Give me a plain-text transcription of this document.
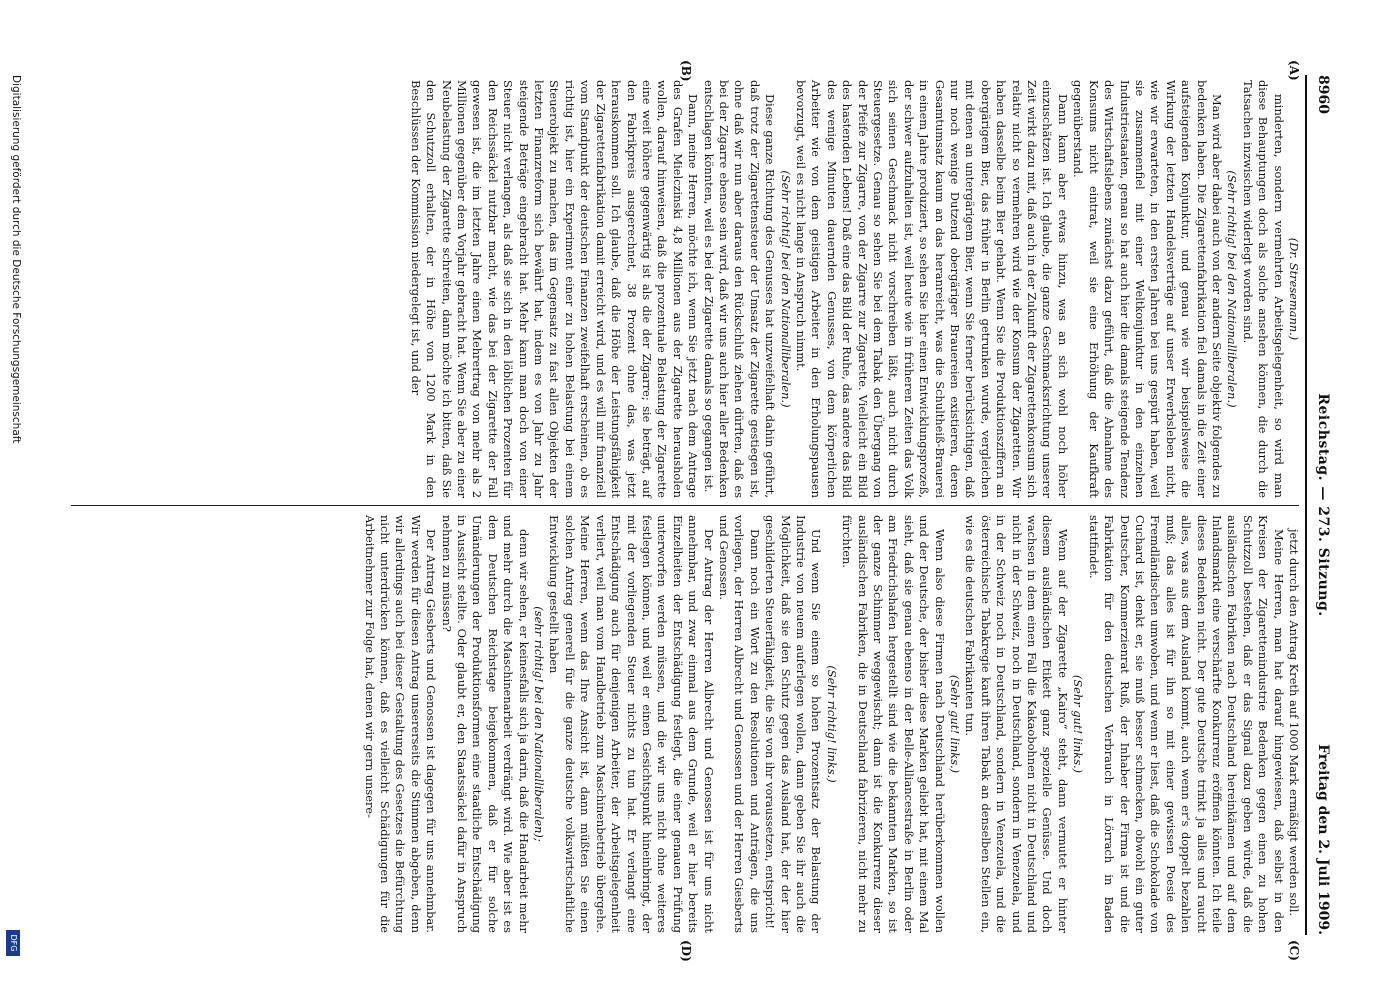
8960
Reichstag. — 273. Sitzung.
Freitag den 2. Juli 1909.
(A)
(B)
(C)
(D)

(Dr. Stresemann.)

minderten, sondern vermehrten Arbeitsgelegenheit, so wird man diese Behauptungen doch als solche ansehen können, die durch die Tatsachen inzwischen widerlegt worden sind.

(Sehr richtig! bei den Nationalliberalen.)

Man wird aber dabei auch von der andern Seite objektiv folgendes zu bedenken haben. Die Zigarettenfabrikation fiel damals in die Zeit einer aufsteigenden Konjunktur, und genau wie wir beispielsweise die Wirkung der letzten Handelsverträge auf unser Erwerbsleben nicht, wie wir erwarteten, in den ersten Jahren bei uns gespürt haben, weil sie zusammenfiel mit einer Weltkonjunktur in den einzelnen Industriestaaten, genau so hat auch hier die damals steigende Tendenz des Wirtschaftslebens zunächst dazu geführt, daß die Abnahme des Konsums nicht eintrat, weil sie eine Erhöhung der Kaufkraft gegenüberstand.

Dann kann aber etwas hinzu, was an sich wohl noch höher einzuschätzen ist. Ich glaube, die ganze Geschmacksrichtung unserer Zeit wirkt dazu mit, daß auch in der Zukunft der Zigarettenkonsum sich relativ nicht so vermehren wird wie der Konsum der Zigaretten. Wir haben dasselbe beim Bier gehabt. Wenn Sie die Produktionsziffern an obergärigem Bier, das früher in Berlin getrunken wurde, vergleichen mit denen an untergärigem Bier, wenn Sie ferner berücksichtigen, daß nur noch wenige Dutzend obergäriger Brauereien existieren, deren Gesamtumsatz kaum an das heranreicht, was die Schultheiß-Brauerei in einem Jahre produziert, so sehen Sie hier einen Entwicklungsprozeß, der schwer aufzuhalten ist, weil heute wie in früheren Zeiten das Volk sich seinen Geschmack nicht vorschreiben läßt, auch nicht durch Steuergesetze. Genau so sehen Sie bei dem Tabak den Übergang von der Pfeife zur Zigarre, von der Zigarre zur Zigarette. Vielleicht ein Bild des hastenden Lebens! Daß eine das Bild der Ruhe, das andere das Bild des wenige Minuten dauernden Genusses, von dem körperlichen Arbeiter wie von dem geistigen Arbeiter in den Erholungspausen bevorzugt, weil es nicht lange in Anspruch nimmt.

(Sehr richtig! bei den Nationalliberalen.)

Diese ganze Richtung des Genusses hat unzweifelhaft dahin geführt, daß trotz der Zigarettensteuer der Umsatz der Zigarette gestiegen ist, ohne daß wir nun aber daraus den Rückschluß ziehen dürften, daß es bei der Zigarre ebenso sein wird, daß wir uns auch hier aller Bedenken entschlagen könnten, weil es bei der Zigarette damals so gegangen ist.

Dann, meine Herren, möchte ich, wenn Sie jetzt nach dem Antrage des Grafen Mielczinski 4,8 Millionen aus der Zigarette herausholen wollen, darauf hinweisen, daß die prozentuale Belastung der Zigarette eine weit höhere gegenwärtig ist als die der Zigarre; sie beträgt, auf den Fabrikpreis ausgerechnet, 38 Prozent ohne das, was jetzt herauskommen soll. Ich glaube, daß die Höhe der Leistungsfähigkeit der Zigarettenfabrikation damit erreicht wird, und es will mir finanziell vom Standpunkt der deutschen Finanzen zweifelhaft erscheinen, ob es richtig ist, hier ein Experiment einer zu hohen Belastung bei einem Steuerobjekt zu machen, das im Gegensatz zu fast allen Objekten der letzten Finanzreform sich bewährt hat, indem es von Jahr zu Jahr steigende Beträge eingebracht hat. Mehr kann man doch von einer Steuer nicht verlangen, als daß sie sich in den löblichen Prozenten für den Reichssäckel nutzbar macht, wie das bei der Zigarette der Fall gewesen ist, die im letzten Jahre einen Mehrertrag von mehr als 2 Millionen gegenüber dem Vorjahr gebracht hat. Wenn Sie aber zu einer Neubelastung der Zigarette schreiten, dann möchte ich bitten, daß Sie den Schutzzoll erhalten, der in Höhe von 1200 Mark in den Beschlüssen der Kommission niedergelegt ist, und der

jetzt durch den Antrag Kreth auf 1000 Mark ermäßigt werden soll.

Meine Herren, man hat darauf hingewiesen, daß selbst in den Kreisen der Zigarettenindustrie Bedenken gegen einen zu hohen Schutzzoll bestehen, daß er das Signal dazu geben würde, daß die ausländischen Fabriken nach Deutschland hereinkämen und auf dem Inlandsmarkt eine verschärfte Konkurrenz eröffnen könnten. Ich teile dieses Bedenken nicht. Der gute Deutsche trinkt ja alles und raucht alles, was aus dem Ausland kommt, auch wenn er's doppelt bezahlen muß; das alles ist für ihn so mit einer gewissen Poesie des Fremdländischen umwoben, und wenn er liest, daß die Schokolade von Cuchard ist, denkt er, sie muß besser schmecken, obwohl ein guter Deutscher, Kommerzienrat Ruß, der Inhaber der Firma ist und die Fabrikation für den deutschen Verbrauch in Lörrach in Baden stattfindet.

(Sehr gut! links.)

Wenn auf der Zigarette „Kairo“ steht, dann vermutet er hinter diesem ausländischen Etikett ganz spezielle Genüsse. Und doch wachsen in dem einen Fall die Kakaobohnen nicht in Deutschland und nicht in der Schweiz, noch in Deutschland, sondern in Venezuela, und in der Schweiz noch in Deutschland, sondern in Venezuela, und die österreichische Tabakregie kauft ihren Tabak an denselben Stellen ein, wie es die deutschen Fabrikanten tun.

(Sehr gut! links.)

Wenn also diese Firmen nach Deutschland herüberkommen wollen und der Deutsche, der bisher diese Marken geliebt hat, mit einem Mal sieht, daß sie genau ebenso in der Belle-Alliancestraße in Berlin oder am Friedrichshafen hergestellt sind wie die bekannten Marken, so ist der ganze Schimmer weggewischt; dann ist die Konkurrenz dieser ausländischen Fabriken, die in Deutschland fabrizieren, nicht mehr zu fürchten.

(Sehr richtig! links.)

Und wenn Sie einem so hohen Prozentsatz der Belastung der Industrie von neuem auferlegen wollen, dann geben Sie ihr auch die Möglichkeit, daß sie den Schutz gegen das Ausland hat, der der hier geschilderten Steuerfähigkeit, die Sie von ihr voraussetzen, entspricht!

Dann noch ein Wort zu den Resolutionen und Anträgen, die uns vorliegen, der Herren Albrecht und Genossen und der Herren Giesberts und Genossen.

Der Antrag der Herren Albrecht und Genossen ist für uns nicht annehmbar, und zwar einmal aus dem Grunde, weil er hier bereits Einzelheiten der Entschädigung festlegt, die einer genauen Prüfung unterworfen werden müssen, und die wir uns nicht ohne weiteres festlegen können, und weil er einen Gesichtspunkt hineinbringt, der mit der vorliegenden Steuer nichts zu tun hat. Er verlangt eine Entschädigung auch für denjenigen Arbeiter, der Arbeitsgelegenheit verliert, weil man vom Handbetrieb zum Maschinenbetrieb übergehe. Meine Herren, wenn das Ihre Ansicht ist, dann müßten Sie einen solchen Antrag generell für die ganze deutsche volkswirtschaftliche Entwicklung gestellt haben

(sehr richtig! bei den Nationalliberalen);

denn wir sehen, er keinesfalls sich ja darin, daß die Handarbeit mehr und mehr durch die Maschinenarbeit verdrängt wird. Wie aber ist es dem Deutschen Reichstage beigekommen, daß er für solche Umänderungen der Produktionsformen eine staatliche Entschädigung in Aussicht stellte. Oder glaubt er, den Staatssäckel dafür in Anspruch nehmen zu müssen?

Der Antrag Giesberts und Genossen ist dagegen für uns annehmbar. Wir werden für diesen Antrag unsererseits die Stimmen abgeben, denn wir allerdings auch bei dieser Gestaltung des Gesetzes die Befürchtung nicht unterdrücken können, daß es vielleicht Schädigungen für die Arbeitnehmer zur Folge hat, denen wir gern unsere-

Digitalisierung gefördert durch die Deutsche Forschungsgemeinschaft
DFG
